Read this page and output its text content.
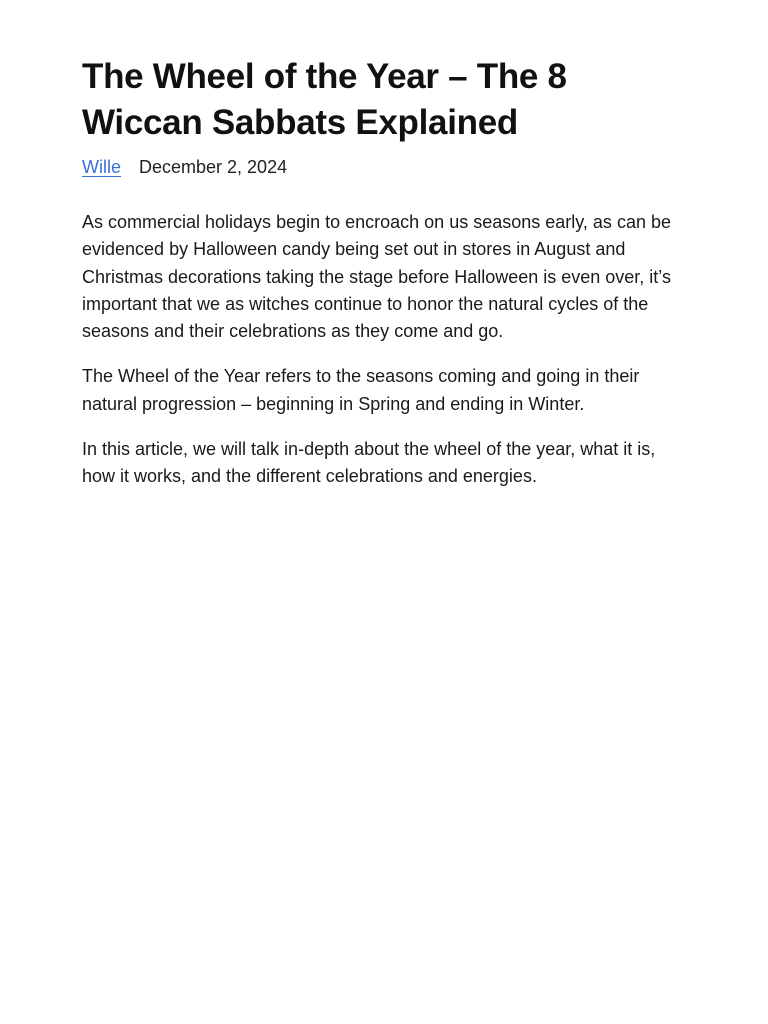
The Wheel of the Year – The 8 Wiccan Sabbats Explained
Wille December 2, 2024

As commercial holidays begin to encroach on us seasons early, as can be evidenced by Halloween candy being set out in stores in August and Christmas decorations taking the stage before Halloween is even over, it’s important that we as witches continue to honor the natural cycles of the seasons and their celebrations as they come and go.

The Wheel of the Year refers to the seasons coming and going in their natural progression – beginning in Spring and ending in Winter.

In this article, we will talk in-depth about the wheel of the year, what it is, how it works, and the different celebrations and energies.
